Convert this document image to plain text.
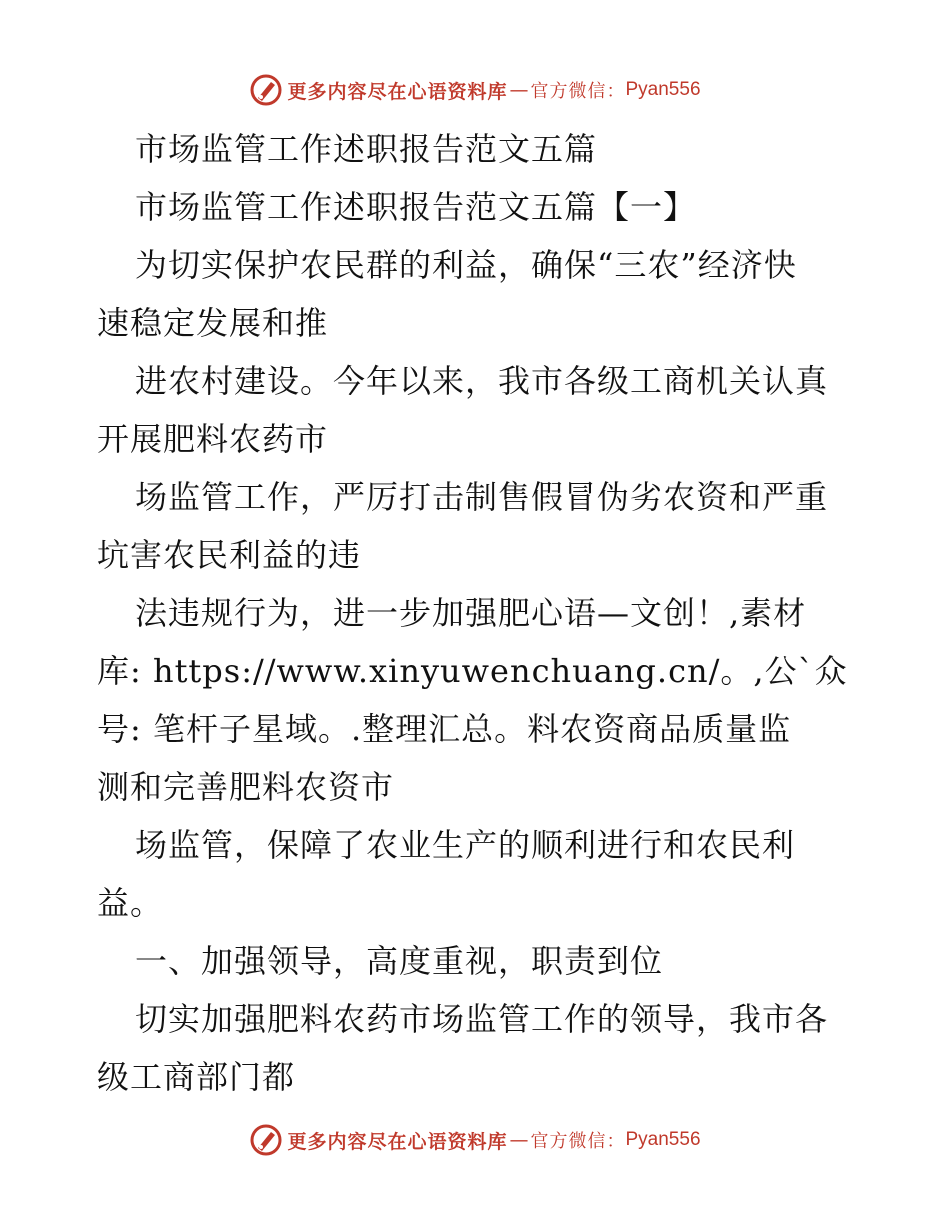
更多内容尽在心语资料库 — 官方微信： Pyan556
市场监管工作述职报告范文五篇
市场监管工作述职报告范文五篇【一】
为切实保护农民群的利益，确保“三农”经济快
速稳定发展和推
进农村建设。今年以来，我市各级工商机关认真
开展肥料农药市
场监管工作，严厉打击制售假冒伪劣农资和严重
坑害农民利益的违
法违规行为，进一步加强肥心语—文创！,素材
库: https://www.xinyuwenchuang.cn/。,公`众
号: 笔杆子星域。.整理汇总。料农资商品质量监
测和完善肥料农资市
场监管，保障了农业生产的顺利进行和农民利
益。
一、加强领导，高度重视，职责到位
切实加强肥料农药市场监管工作的领导，我市各
级工商部门都
更多内容尽在心语资料库 — 官方微信： Pyan556
